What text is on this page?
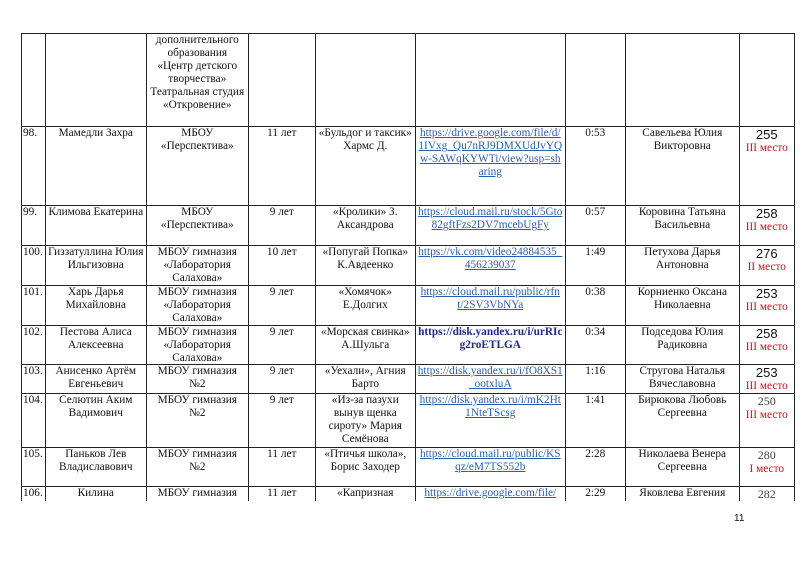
		дополнительного образования «Центр детского творчества» Театральная студия «Откровение»						

98.	Мамедли Захра	МБОУ «Перспектива»	11 лет	«Бульдог и таксик» Хармс Д.	https://drive.google.com/file/d/1IVxg_Qu7nRJ9DMXUdJvYQw-SAWqKYWTi/view?usp=sharing	0:53	Савельева Юлия Викторовна	255
III место

99.	Климова Екатерина	МБОУ «Перспектива»	9 лет	«Кролики» З. Аксандрова	https://cloud.mail.ru/stock/5Gto82gftFzs2DV7mcebUgFy	0:57	Коровина Татьяна Васильевна	258
III место

100.	Гиззатуллина Юлия Ильгизовна	МБОУ гимназия «Лаборатория Салахова»	10 лет	«Попугай Попка» К.Авдеенко	https://vk.com/video24884535_456239037	1:49	Петухова Дарья Антоновна	276
II место

101.	Харь Дарья Михайловна	МБОУ гимназия «Лаборатория Салахова»	9 лет	«Хомячок» Е.Долгих	https://cloud.mail.ru/public/rfnt/2SV3VbNYa	0:38	Корниенко Оксана Николаевна	253
III место

102.	Пестова Алиса Алексеевна	МБОУ гимназия «Лаборатория Салахова»	9 лет	«Морская свинка» А.Шульга	https://disk.yandex.ru/i/urRIcg2roETLGA	0:34	Подседова Юлия Радиковна	258
III место

103.	Анисенко Артём Евгеньевич	МБОУ гимназия №2	9 лет	«Уехали», Агния Барто	https://disk.yandex.ru/i/fO8XS1_ootxluA	1:16	Стругова Наталья Вячеславовна	253
III место

104.	Селютин Аким Вадимович	МБОУ гимназия №2	9 лет	«Из-за пазухи вынув щенка сироту» Мария Семёнова	https://disk.yandex.ru/i/mK2Ht1NteTScsg	1:41	Бирюкова Любовь Сергеевна	250
III место

105.	Паньков Лев Владиславович	МБОУ гимназия №2	11 лет	«Птичья школа», Борис Заходер	https://cloud.mail.ru/public/KSqz/eM7TS552b	2:28	Николаева Венера Сергеевна	280
I место

106.	Килина	МБОУ гимназия	11 лет	«Капризная	https://drive.google.com/file/	2:29	Яковлева Евгения	282
11
